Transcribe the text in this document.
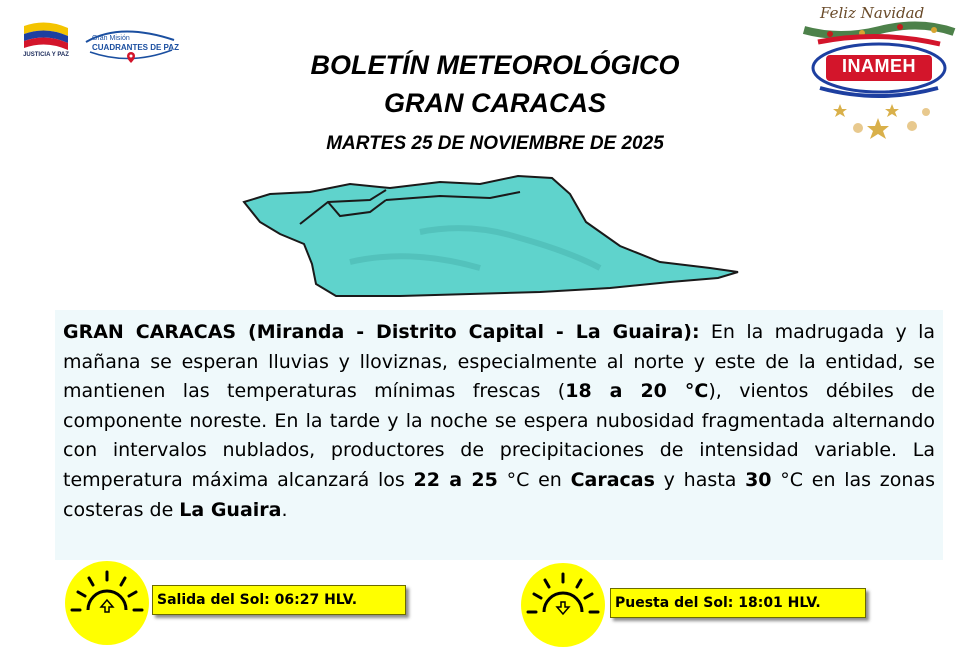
JUSTICIA Y PAZ
Gran Misión
CUADRANTES DE PAZ
BOLETÍN METEOROLÓGICO
GRAN CARACAS
MARTES 25 DE NOVIEMBRE DE 2025
Feliz Navidad
INAMEH

GRAN CARACAS (Miranda - Distrito Capital - La Guaira): En la madrugada y la mañana se esperan lluvias y lloviznas, especialmente al norte y este de la entidad, se mantienen las temperaturas mínimas frescas (18 a 20 °C), vientos débiles de componente noreste. En la tarde y la noche se espera nubosidad fragmentada alternando con intervalos nublados, productores de precipitaciones de intensidad variable. La temperatura máxima alcanzará los 22 a 25 °C en Caracas y hasta 30 °C en las zonas costeras de La Guaira.

Salida del Sol: 06:27 HLV.	Puesta del Sol: 18:01 HLV.
